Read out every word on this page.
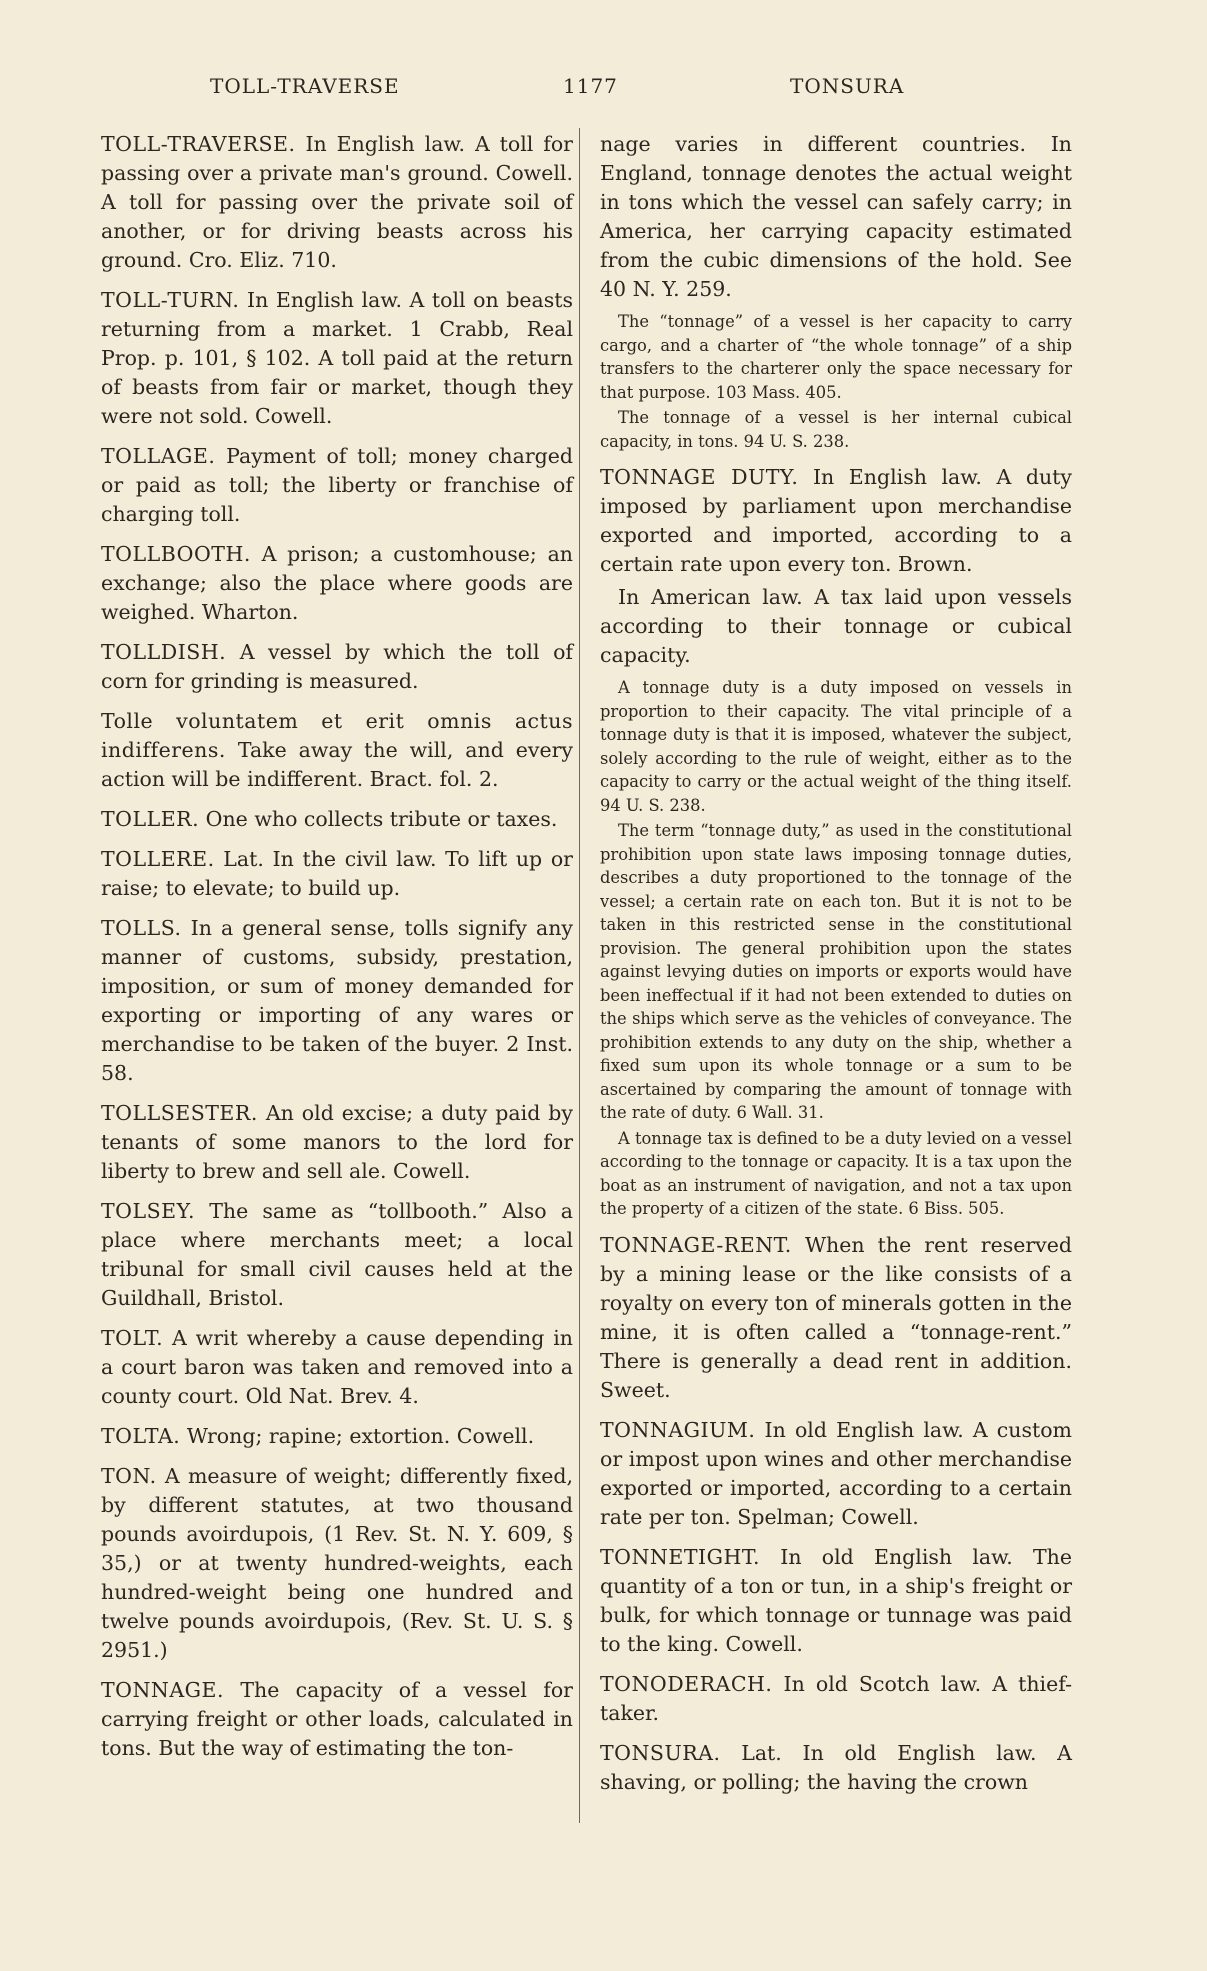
TOLL-TRAVERSE	1177	TONSURA

TOLL-TRAVERSE. In English law. A toll for passing over a private man's ground. Cowell. A toll for passing over the private soil of another, or for driving beasts across his ground. Cro. Eliz. 710.

TOLL-TURN. In English law. A toll on beasts returning from a market. 1 Crabb, Real Prop. p. 101, § 102. A toll paid at the return of beasts from fair or market, though they were not sold. Cowell.

TOLLAGE. Payment of toll; money charged or paid as toll; the liberty or franchise of charging toll.

TOLLBOOTH. A prison; a customhouse; an exchange; also the place where goods are weighed. Wharton.

TOLLDISH. A vessel by which the toll of corn for grinding is measured.

Tolle voluntatem et erit omnis actus indifferens. Take away the will, and every action will be indifferent. Bract. fol. 2.

TOLLER. One who collects tribute or taxes.

TOLLERE. Lat. In the civil law. To lift up or raise; to elevate; to build up.

TOLLS. In a general sense, tolls signify any manner of customs, subsidy, prestation, imposition, or sum of money demanded for exporting or importing of any wares or merchandise to be taken of the buyer. 2 Inst. 58.

TOLLSESTER. An old excise; a duty paid by tenants of some manors to the lord for liberty to brew and sell ale. Cowell.

TOLSEY. The same as “tollbooth.” Also a place where merchants meet; a local tribunal for small civil causes held at the Guildhall, Bristol.

TOLT. A writ whereby a cause depending in a court baron was taken and removed into a county court. Old Nat. Brev. 4.

TOLTA. Wrong; rapine; extortion. Cowell.

TON. A measure of weight; differently fixed, by different statutes, at two thousand pounds avoirdupois, (1 Rev. St. N. Y. 609, § 35,) or at twenty hundred-weights, each hundred-weight being one hundred and twelve pounds avoirdupois, (Rev. St. U. S. § 2951.)

TONNAGE. The capacity of a vessel for carrying freight or other loads, calculated in tons. But the way of estimating the ton-

nage varies in different countries. In England, tonnage denotes the actual weight in tons which the vessel can safely carry; in America, her carrying capacity estimated from the cubic dimensions of the hold. See 40 N. Y. 259.

The “tonnage” of a vessel is her capacity to carry cargo, and a charter of “the whole tonnage” of a ship transfers to the charterer only the space necessary for that purpose. 103 Mass. 405.

The tonnage of a vessel is her internal cubical capacity, in tons. 94 U. S. 238.

TONNAGE DUTY. In English law. A duty imposed by parliament upon merchandise exported and imported, according to a certain rate upon every ton. Brown.

In American law. A tax laid upon vessels according to their tonnage or cubical capacity.

A tonnage duty is a duty imposed on vessels in proportion to their capacity. The vital principle of a tonnage duty is that it is imposed, whatever the subject, solely according to the rule of weight, either as to the capacity to carry or the actual weight of the thing itself. 94 U. S. 238.

The term “tonnage duty,” as used in the constitutional prohibition upon state laws imposing tonnage duties, describes a duty proportioned to the tonnage of the vessel; a certain rate on each ton. But it is not to be taken in this restricted sense in the constitutional provision. The general prohibition upon the states against levying duties on imports or exports would have been ineffectual if it had not been extended to duties on the ships which serve as the vehicles of conveyance. The prohibition extends to any duty on the ship, whether a fixed sum upon its whole tonnage or a sum to be ascertained by comparing the amount of tonnage with the rate of duty. 6 Wall. 31.

A tonnage tax is defined to be a duty levied on a vessel according to the tonnage or capacity. It is a tax upon the boat as an instrument of navigation, and not a tax upon the property of a citizen of the state. 6 Biss. 505.

TONNAGE-RENT. When the rent reserved by a mining lease or the like consists of a royalty on every ton of minerals gotten in the mine, it is often called a “tonnage-rent.” There is generally a dead rent in addition. Sweet.

TONNAGIUM. In old English law. A custom or impost upon wines and other merchandise exported or imported, according to a certain rate per ton. Spelman; Cowell.

TONNETIGHT. In old English law. The quantity of a ton or tun, in a ship's freight or bulk, for which tonnage or tunnage was paid to the king. Cowell.

TONODERACH. In old Scotch law. A thief-taker.

TONSURA. Lat. In old English law. A shaving, or polling; the having the crown
